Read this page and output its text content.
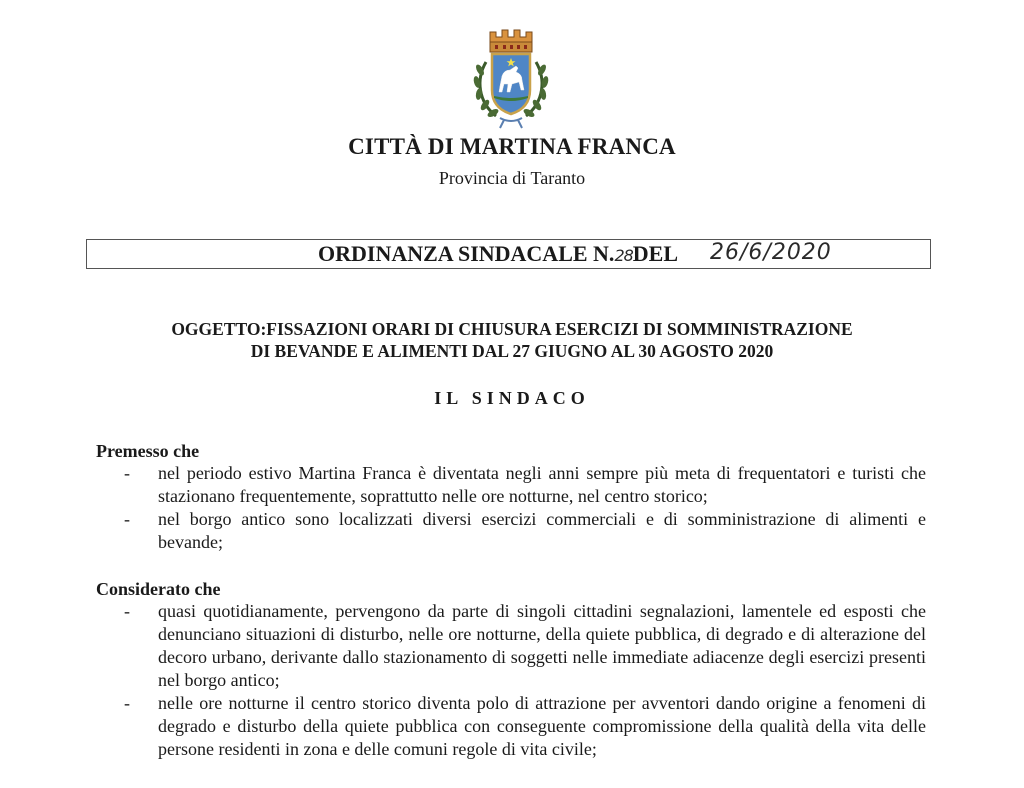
CITTÀ DI MARTINA FRANCA
Provincia di Taranto
ORDINANZA SINDACALE N.28DEL 26/6/2020
OGGETTO:FISSAZIONI ORARI DI CHIUSURA ESERCIZI DI SOMMINISTRAZIONE
DI BEVANDE E ALIMENTI DAL 27 GIUGNO AL 30 AGOSTO 2020
IL SINDACO
Premesso che
- nel periodo estivo Martina Franca è diventata negli anni sempre più meta di frequentatori e turisti che stazionano frequentemente, soprattutto nelle ore notturne, nel centro storico;
- nel borgo antico sono localizzati diversi esercizi commerciali e di somministrazione di alimenti e bevande;
Considerato che
- quasi quotidianamente, pervengono da parte di singoli cittadini segnalazioni, lamentele ed esposti che denunciano situazioni di disturbo, nelle ore notturne, della quiete pubblica, di degrado e di alterazione del decoro urbano, derivante dallo stazionamento di soggetti nelle immediate adiacenze degli esercizi presenti nel borgo antico;
- nelle ore notturne il centro storico diventa polo di attrazione per avventori dando origine a fenomeni di degrado e disturbo della quiete pubblica con conseguente compromissione della qualità della vita delle persone residenti in zona e delle comuni regole di vita civile;
